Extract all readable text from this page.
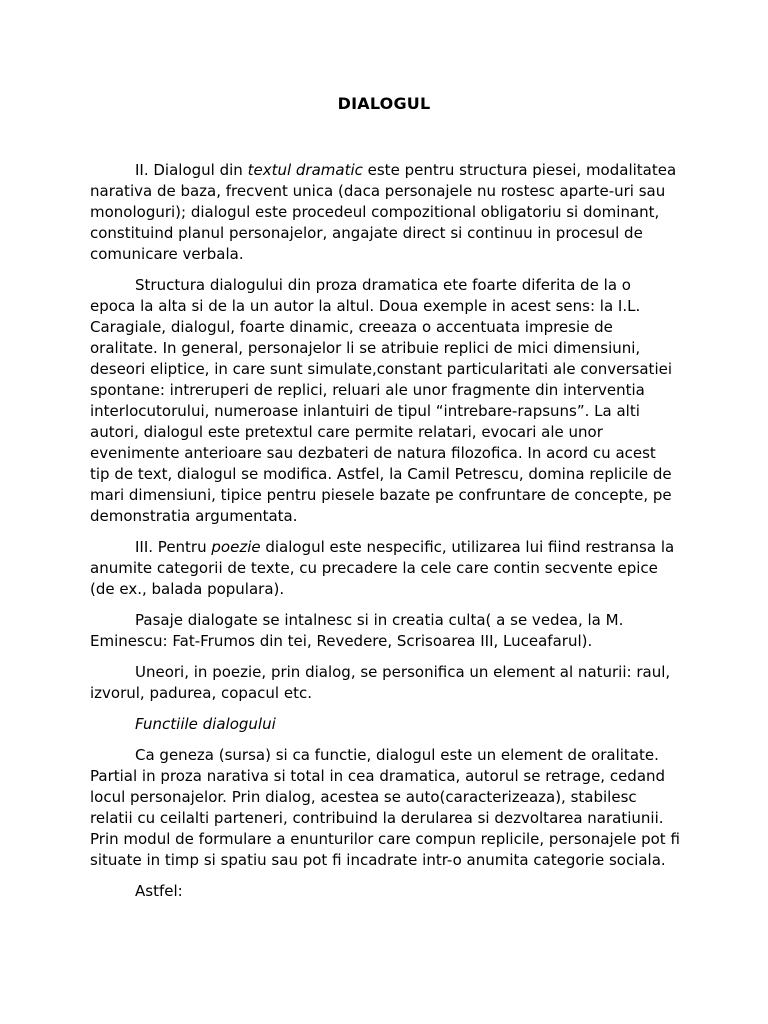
DIALOGUL

II. Dialogul din textul dramatic este pentru structura piesei, modalitatea narativa de baza, frecvent unica (daca personajele nu rostesc aparte-uri sau monologuri); dialogul este procedeul compozitional obligatoriu si dominant, constituind planul personajelor, angajate direct si continuu in procesul de comunicare verbala.

Structura dialogului din proza dramatica ete foarte diferita de la o epoca la alta si de la un autor la altul. Doua exemple in acest sens: la I.L. Caragiale, dialogul, foarte dinamic, creeaza o accentuata impresie de oralitate. In general, personajelor li se atribuie replici de mici dimensiuni, deseori eliptice, in care sunt simulate,constant particularitati ale conversatiei spontane: intreruperi de replici, reluari ale unor fragmente din interventia interlocutorului, numeroase inlantuiri de tipul “intrebare-rapsuns”. La alti autori, dialogul este pretextul care permite relatari, evocari ale unor evenimente anterioare sau dezbateri de natura filozofica. In acord cu acest tip de text, dialogul se modifica. Astfel, la Camil Petrescu, domina replicile de mari dimensiuni, tipice pentru piesele bazate pe confruntare de concepte, pe demonstratia argumentata.

III. Pentru poezie dialogul este nespecific, utilizarea lui fiind restransa la anumite categorii de texte, cu precadere la cele care contin secvente epice (de ex., balada populara).

Pasaje dialogate se intalnesc si in creatia culta( a se vedea, la M. Eminescu: Fat-Frumos din tei, Revedere, Scrisoarea III, Luceafarul).

Uneori, in poezie, prin dialog, se personifica un element al naturii: raul, izvorul, padurea, copacul etc.

Functiile dialogului

Ca geneza (sursa) si ca functie, dialogul este un element de oralitate. Partial in proza narativa si total in cea dramatica, autorul se retrage, cedand locul personajelor. Prin dialog, acestea se auto(caracterizeaza), stabilesc relatii cu ceilalti parteneri, contribuind la derularea si dezvoltarea naratiunii. Prin modul de formulare a enunturilor care compun replicile, personajele pot fi situate in timp si spatiu sau pot fi incadrate intr-o anumita categorie sociala.

Astfel:
